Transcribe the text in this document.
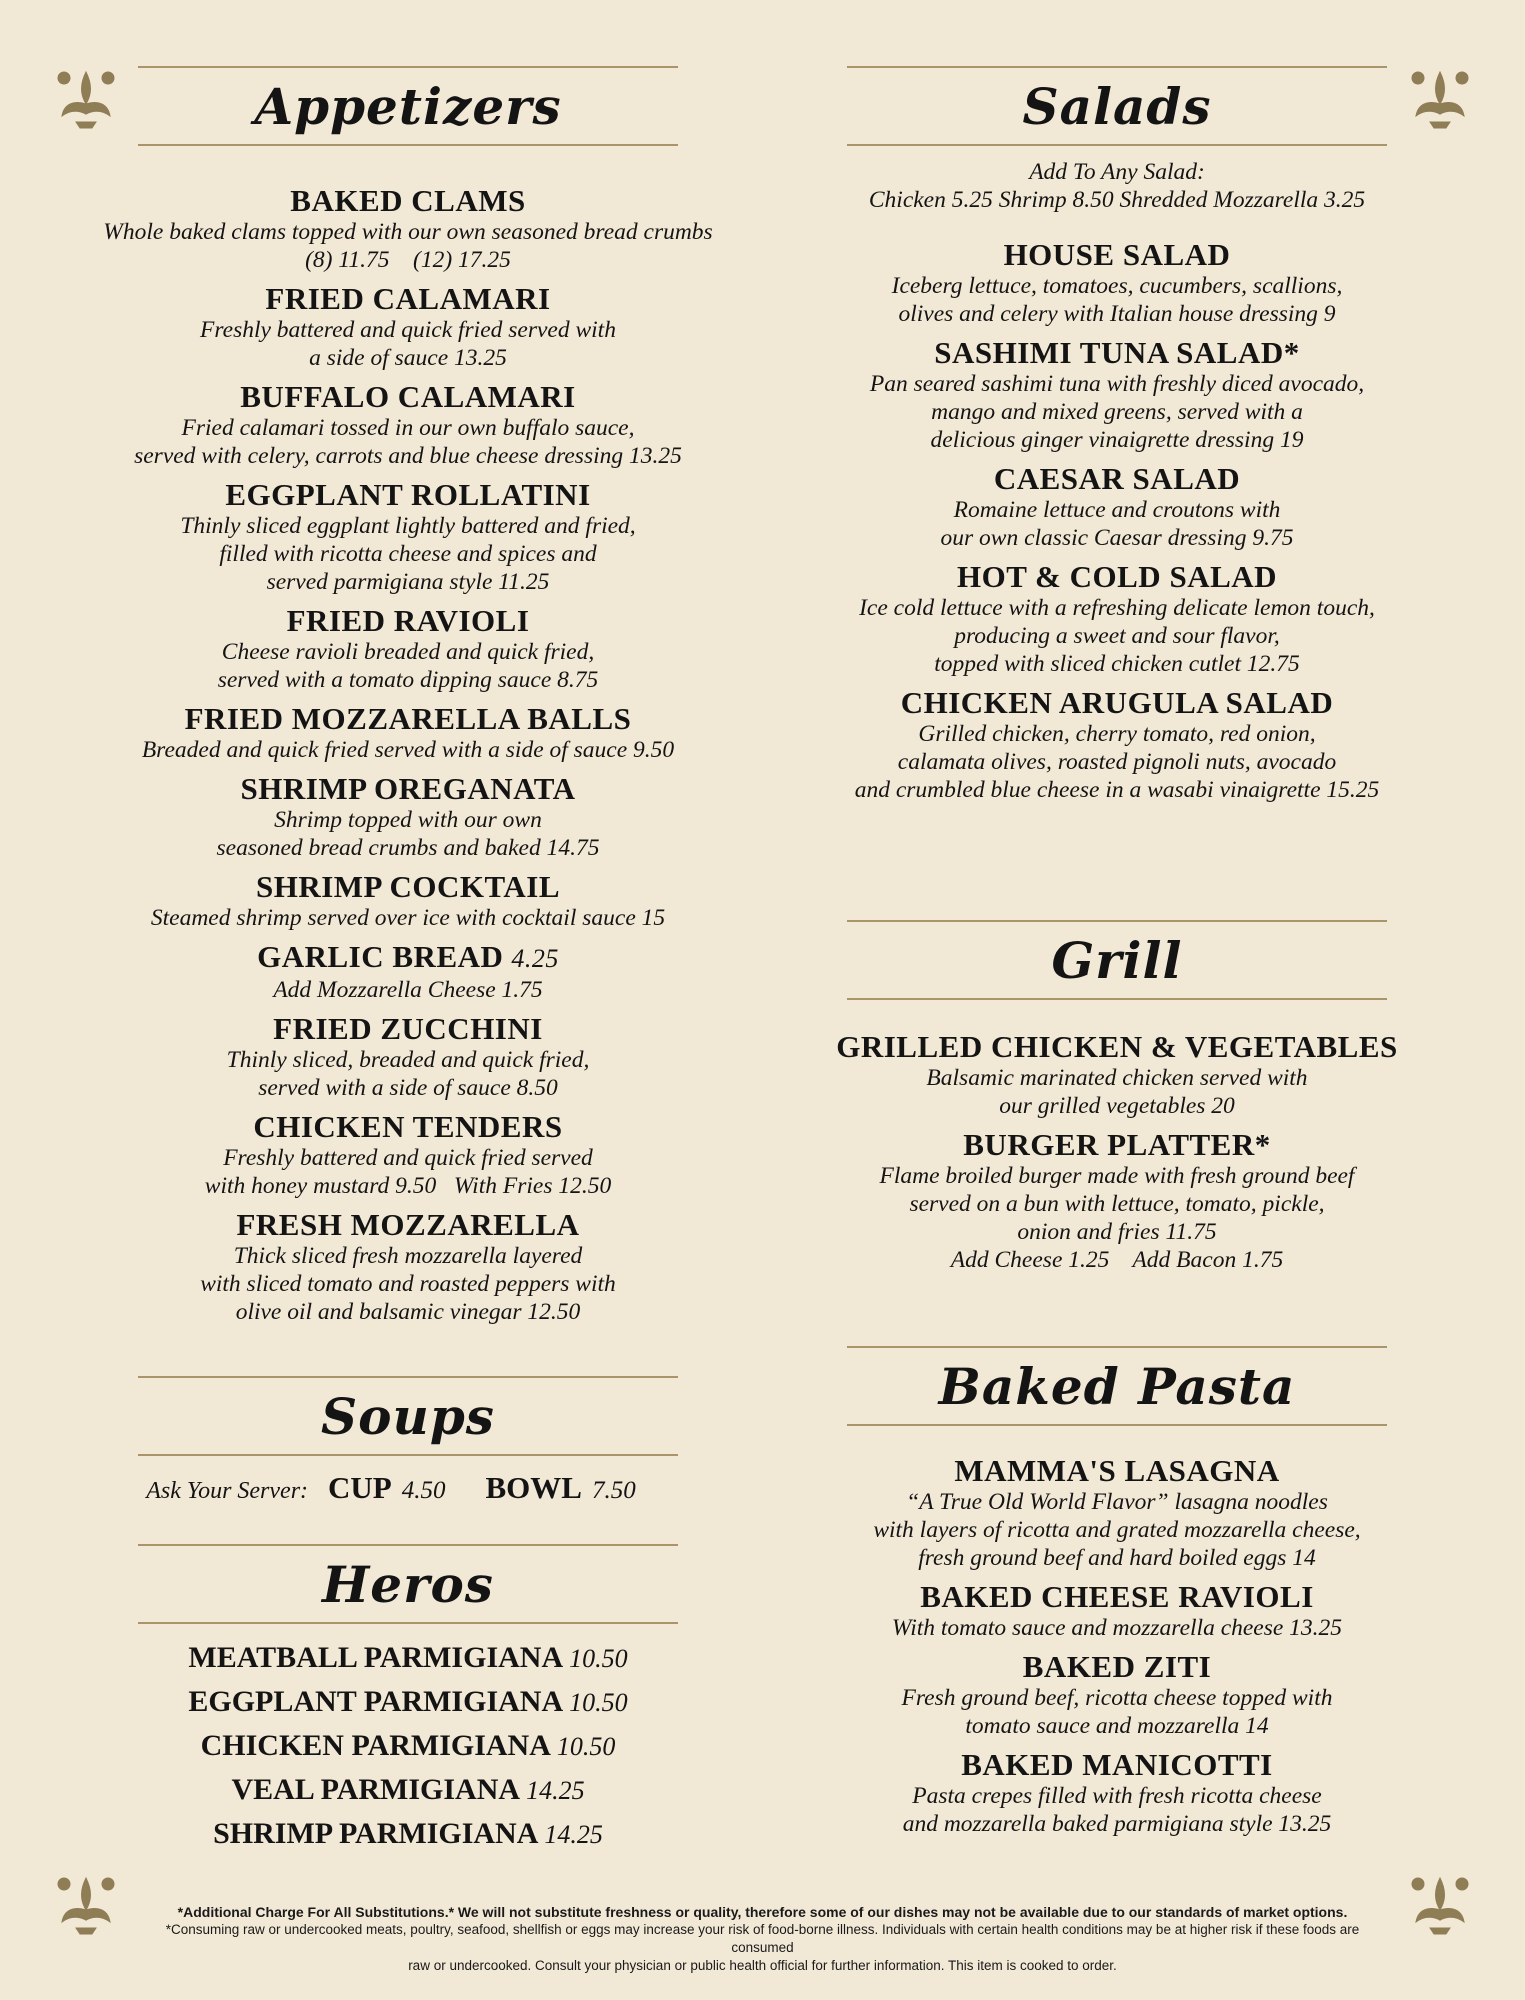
Appetizers
BAKED CLAMS
Whole baked clams topped with our own seasoned bread crumbs
(8) 11.75    (12) 17.25
FRIED CALAMARI
Freshly battered and quick fried served with
a side of sauce 13.25
BUFFALO CALAMARI
Fried calamari tossed in our own buffalo sauce,
served with celery, carrots and blue cheese dressing 13.25
EGGPLANT ROLLATINI
Thinly sliced eggplant lightly battered and fried,
filled with ricotta cheese and spices and
served parmigiana style 11.25
FRIED RAVIOLI
Cheese ravioli breaded and quick fried,
served with a tomato dipping sauce 8.75
FRIED MOZZARELLA BALLS
Breaded and quick fried served with a side of sauce 9.50
SHRIMP OREGANATA
Shrimp topped with our own
seasoned bread crumbs and baked 14.75
SHRIMP COCKTAIL
Steamed shrimp served over ice with cocktail sauce 15
GARLIC BREAD 4.25
Add Mozzarella Cheese 1.75
FRIED ZUCCHINI
Thinly sliced, breaded and quick fried,
served with a side of sauce 8.50
CHICKEN TENDERS
Freshly battered and quick fried served
with honey mustard 9.50   With Fries 12.50
FRESH MOZZARELLA
Thick sliced fresh mozzarella layered
with sliced tomato and roasted peppers with
olive oil and balsamic vinegar 12.50
Soups
Ask Your Server: CUP 4.50 BOWL 7.50
Heros
MEATBALL PARMIGIANA 10.50
EGGPLANT PARMIGIANA 10.50
CHICKEN PARMIGIANA 10.50
VEAL PARMIGIANA 14.25
SHRIMP PARMIGIANA 14.25
Salads
Add To Any Salad:
Chicken 5.25 Shrimp 8.50 Shredded Mozzarella 3.25
HOUSE SALAD
Iceberg lettuce, tomatoes, cucumbers, scallions,
olives and celery with Italian house dressing 9
SASHIMI TUNA SALAD*
Pan seared sashimi tuna with freshly diced avocado,
mango and mixed greens, served with a
delicious ginger vinaigrette dressing 19
CAESAR SALAD
Romaine lettuce and croutons with
our own classic Caesar dressing 9.75
HOT & COLD SALAD
Ice cold lettuce with a refreshing delicate lemon touch,
producing a sweet and sour flavor,
topped with sliced chicken cutlet 12.75
CHICKEN ARUGULA SALAD
Grilled chicken, cherry tomato, red onion,
calamata olives, roasted pignoli nuts, avocado
and crumbled blue cheese in a wasabi vinaigrette 15.25
Grill
GRILLED CHICKEN & VEGETABLES
Balsamic marinated chicken served with
our grilled vegetables 20
BURGER PLATTER*
Flame broiled burger made with fresh ground beef
served on a bun with lettuce, tomato, pickle,
onion and fries 11.75
Add Cheese 1.25    Add Bacon 1.75
Baked Pasta
MAMMA'S LASAGNA
“A True Old World Flavor” lasagna noodles
with layers of ricotta and grated mozzarella cheese,
fresh ground beef and hard boiled eggs 14
BAKED CHEESE RAVIOLI
With tomato sauce and mozzarella cheese 13.25
BAKED ZITI
Fresh ground beef, ricotta cheese topped with
tomato sauce and mozzarella 14
BAKED MANICOTTI
Pasta crepes filled with fresh ricotta cheese
and mozzarella baked parmigiana style 13.25
*Additional Charge For All Substitutions.* We will not substitute freshness or quality, therefore some of our dishes may not be available due to our standards of market options.
*Consuming raw or undercooked meats, poultry, seafood, shellfish or eggs may increase your risk of food-borne illness. Individuals with certain health conditions may be at higher risk if these foods are consumed
raw or undercooked. Consult your physician or public health official for further information. This item is cooked to order.
